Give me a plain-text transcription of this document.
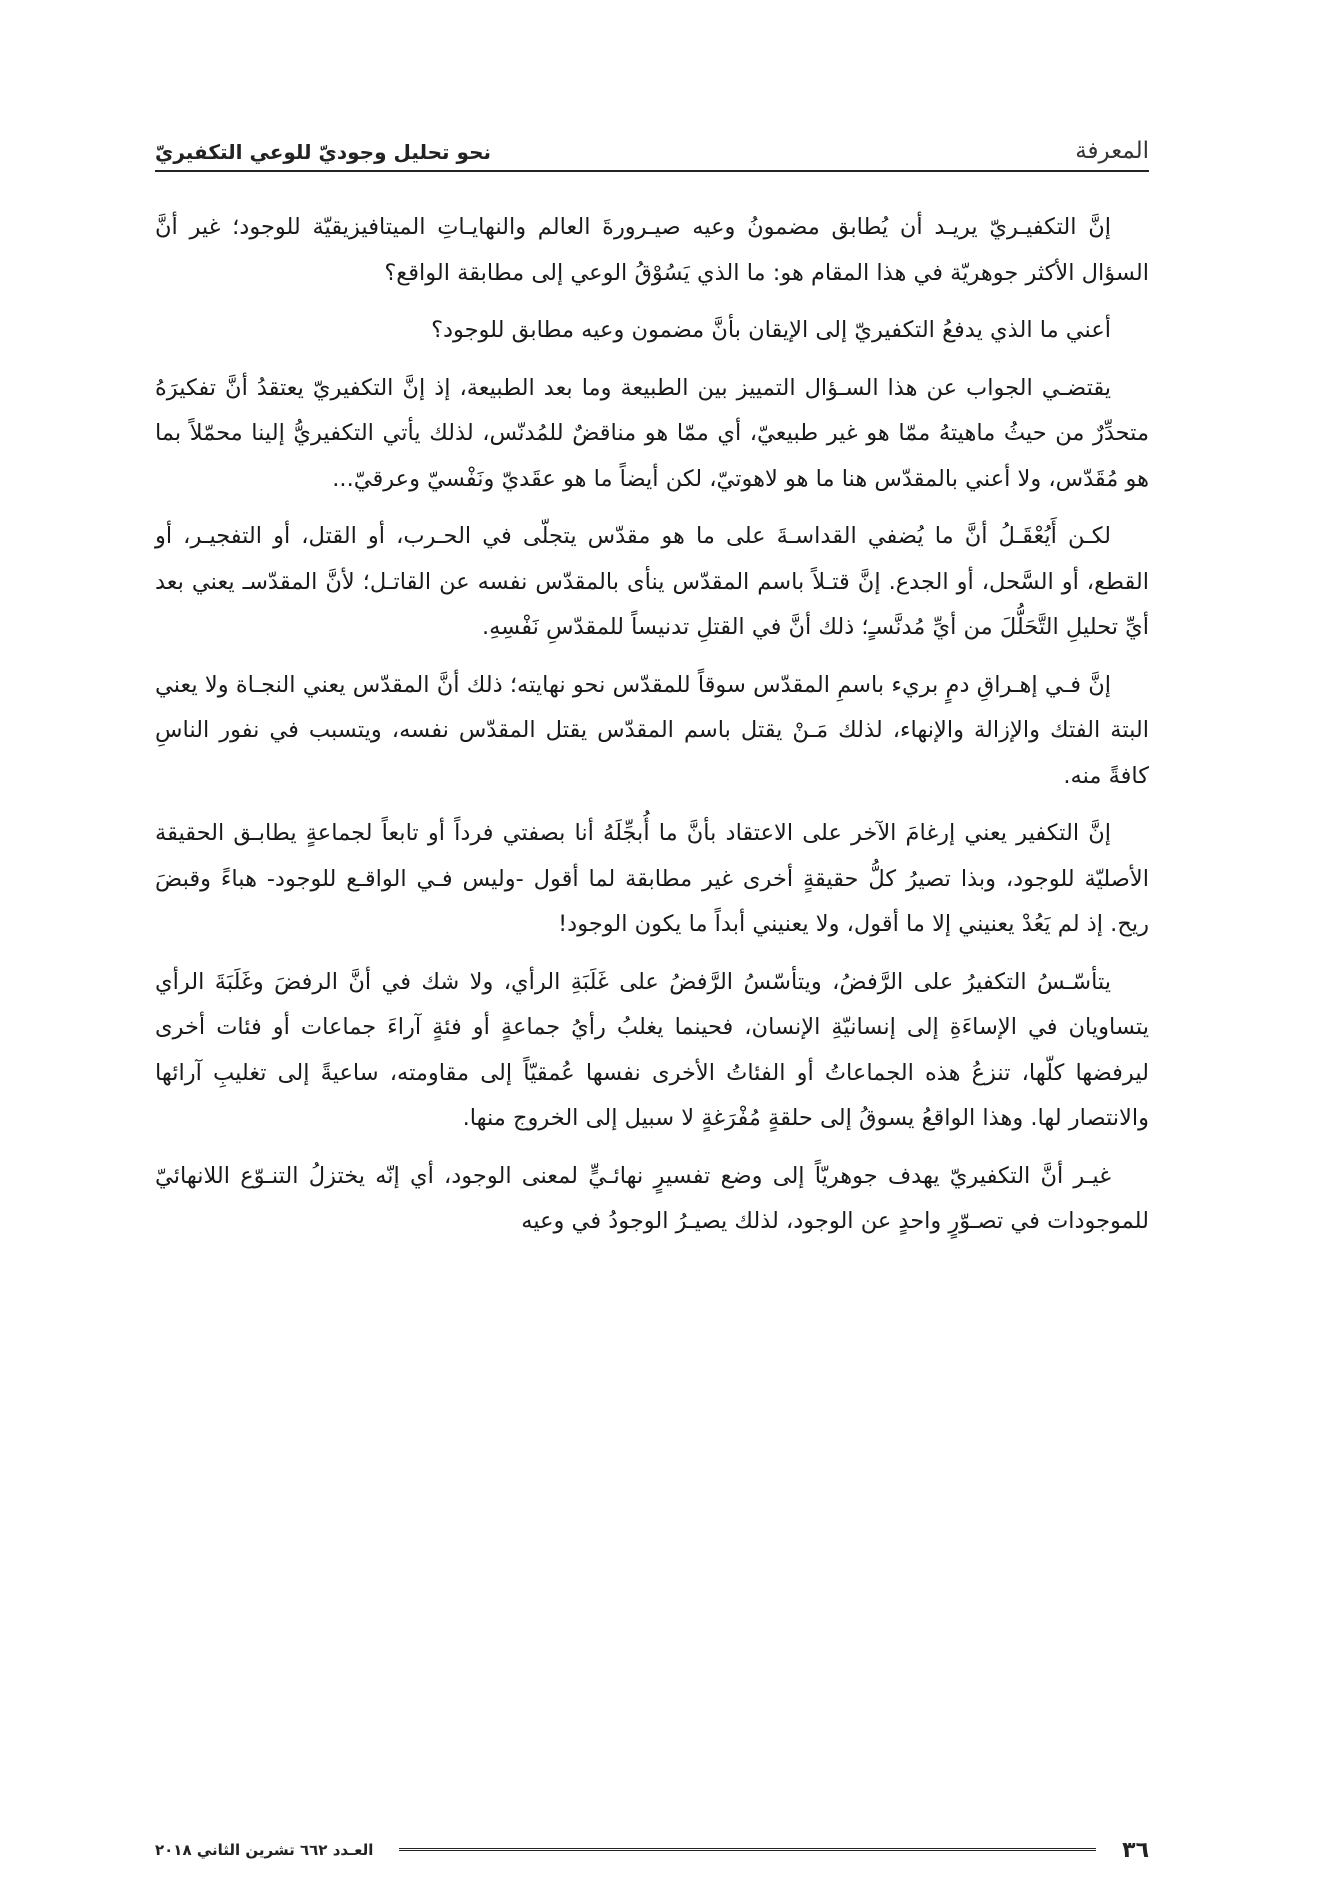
المعرفة
نحو تحليل وجوديّ للوعي التكفيريّ

إنَّ التكفيـريّ يريـد أن يُطابق مضمونُ وعيه صيـرورةَ العالم والنهايـاتِ الميتافيزيقيّة للوجود؛ غير أنَّ السؤال الأكثر جوهريّة في هذا المقام هو: ما الذي يَسُوْقُ الوعي إلى مطابقة الواقع؟

أعني ما الذي يدفعُ التكفيريّ إلى الإيقان بأنَّ مضمون وعيه مطابق للوجود؟

يقتضـي الجواب عن هذا السـؤال التمييز بين الطبيعة وما بعد الطبيعة، إذ إنَّ التكفيريّ يعتقدُ أنَّ تفكيرَهُ متحدِّرٌ من حيثُ ماهيتهُ ممّا هو غير طبيعيّ، أي ممّا هو مناقضٌ للمُدنّس، لذلك يأتي التكفيريُّ إلينا محمّلاً بما هو مُقَدّس، ولا أعني بالمقدّس هنا ما هو لاهوتيّ، لكن أيضاً ما هو عقَديّ ونَفْسيّ وعرقيّ...

لكـن أَيُعْقَـلُ أنَّ ما يُضفي القداسـةَ على ما هو مقدّس يتجلّى في الحـرب، أو القتل، أو التفجيـر، أو القطع، أو السَّحل، أو الجدع. إنَّ قتـلاً باسم المقدّس ينأى بالمقدّس نفسه عن القاتـل؛ لأنَّ المقدّسـ يعني بعد أيِّ تحليلِ التَّحَلُّلَ من أيِّ مُدنَّسـٍ؛ ذلك أنَّ في القتلِ تدنيساً للمقدّسِ نَفْسِهِ.

إنَّ فـي إهـراقِ دمٍ بريء باسمِ المقدّس سوقاً للمقدّس نحو نهايته؛ ذلك أنَّ المقدّس يعني النجـاة ولا يعني البتة الفتك والإزالة والإنهاء، لذلك مَـنْ يقتل باسم المقدّس يقتل المقدّس نفسه، ويتسبب في نفور الناسِ كافةً منه.

إنَّ التكفير يعني إرغامَ الآخر على الاعتقاد بأنَّ ما أُبجِّلَهُ أنا بصفتي فرداً أو تابعاً لجماعةٍ يطابـق الحقيقة الأصليّة للوجود، وبذا تصيرُ كلُّ حقيقةٍ أخرى غير مطابقة لما أقول -وليس فـي الواقـع للوجود- هباءً وقبضَ ريح. إذ لم يَعُدْ يعنيني إلا ما أقول، ولا يعنيني أبداً ما يكون الوجود!

يتأسّـسُ التكفيرُ على الرَّفضُ، ويتأسّسُ الرَّفضُ على غَلَبَةِ الرأي، ولا شك في أنَّ الرفضَ وغَلَبَةَ الرأي يتساويان في الإساءَةِ إلى إنسانيّةِ الإنسان، فحينما يغلبُ رأيُ جماعةٍ أو فئةٍ آراءَ جماعات أو فئات أخرى ليرفضها كلّها، تنزعُ هذه الجماعاتُ أو الفئاتُ الأخرى نفسها عُمقيّاً إلى مقاومته، ساعيةً إلى تغليبِ آرائها والانتصار لها. وهذا الواقعُ يسوقُ إلى حلقةٍ مُفْرَغةٍ لا سبيل إلى الخروج منها.

غيـر أنَّ التكفيريّ يهدف جوهريّاً إلى وضع تفسيرٍ نهائـيٍّ لمعنى الوجود، أي إنّه يختزلُ التنـوّع اللانهائيّ للموجودات في تصـوّرٍ واحدٍ عن الوجود، لذلك يصيـرُ الوجودُ في وعيه

٣٦
العـدد ٦٦٢ تشرين الثاني ٢٠١٨
